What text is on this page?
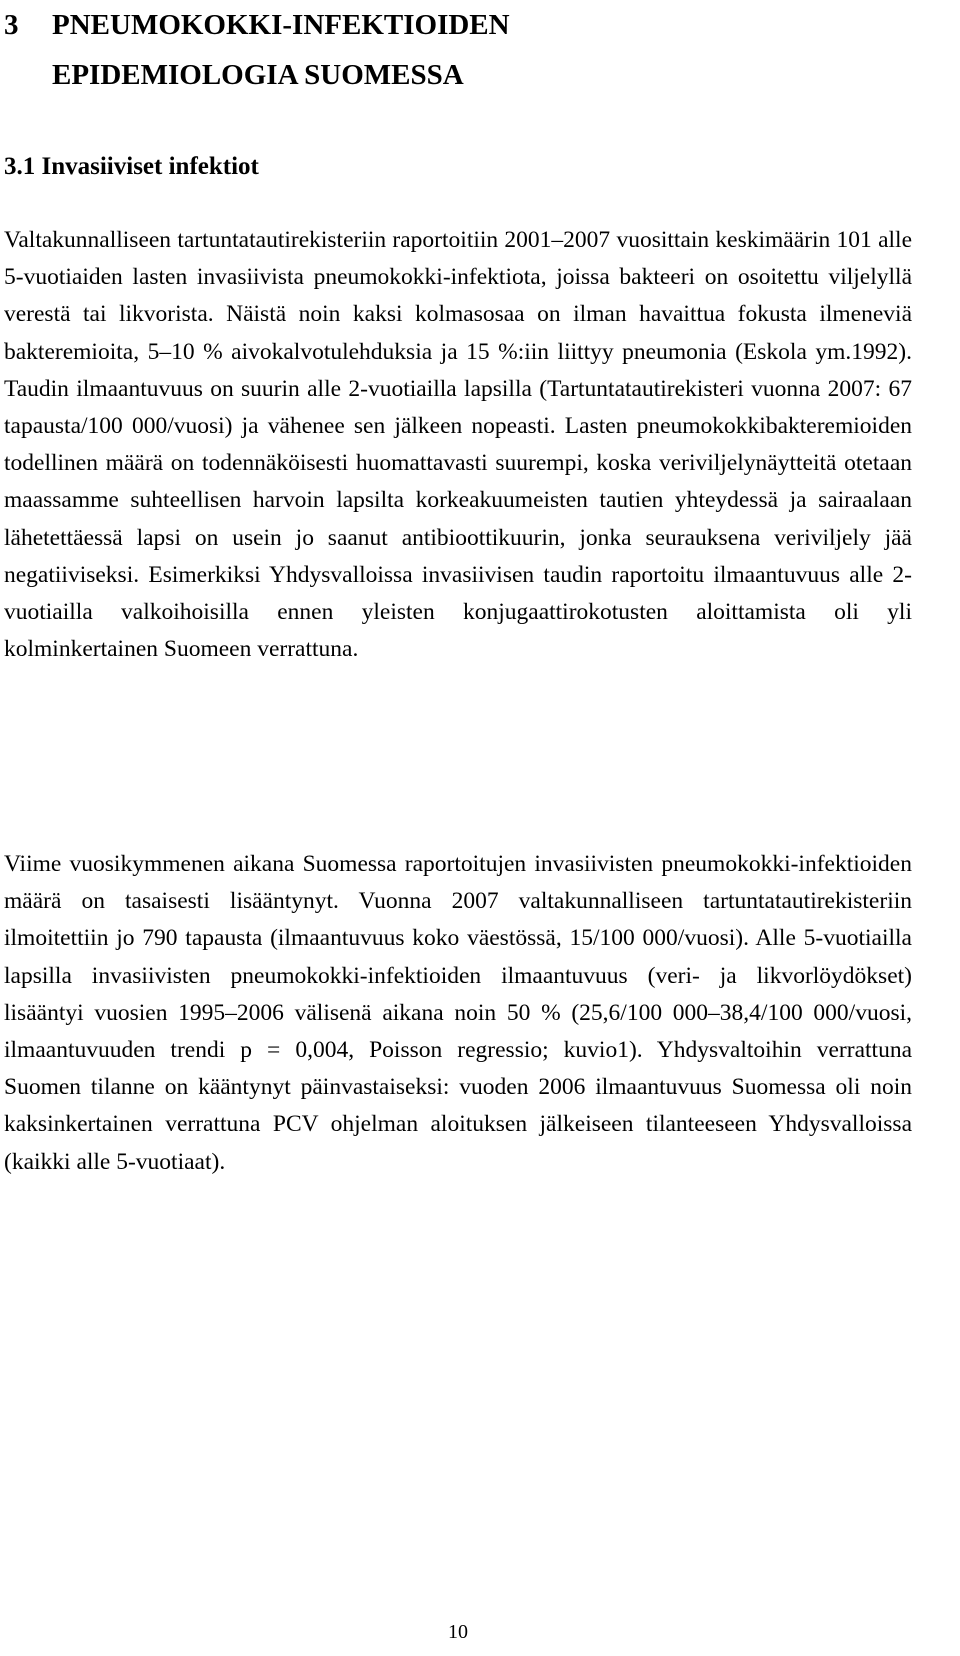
3 PNEUMOKOKKI-INFEKTIOIDEN
EPIDEMIOLOGIA SUOMESSA
3.1 Invasiiviset infektiot

Valtakunnalliseen tartuntatautirekisteriin raportoitiin 2001–2007 vuosittain keskimäärin 101 alle 5-vuotiaiden lasten invasiivista pneumokokki-infektiota, joissa bakteeri on osoitettu viljelyllä verestä tai likvorista. Näistä noin kaksi kolmasosaa on ilman havaittua fokusta ilmeneviä bakteremioita, 5–10 % aivokalvotulehduksia ja 15 %:iin liittyy pneumonia (Eskola ym.1992). Taudin ilmaantuvuus on suurin alle 2-vuotiailla lapsilla (Tartuntatautirekisteri vuonna 2007: 67 tapausta/100 000/vuosi) ja vähenee sen jälkeen nopeasti. Lasten pneumokokkibakteremioiden todellinen määrä on todennäköisesti huomattavasti suurempi, koska veriviljelynäytteitä otetaan maassamme suhteellisen harvoin lapsilta korkeakuumeisten tautien yhteydessä ja sairaalaan lähetettäessä lapsi on usein jo saanut antibioottikuurin, jonka seurauksena veriviljely jää negatiiviseksi. Esimerkiksi Yhdysvalloissa invasiivisen taudin raportoitu ilmaantuvuus alle 2-vuotiailla valkoihoisilla ennen yleisten konjugaattirokotusten aloittamista oli yli kolminkertainen Suomeen verrattuna.

Viime vuosikymmenen aikana Suomessa raportoitujen invasiivisten pneumokokki-infektioiden määrä on tasaisesti lisääntynyt. Vuonna 2007 valtakunnalliseen tartuntatautirekisteriin ilmoitettiin jo 790 tapausta (ilmaantuvuus koko väestössä, 15/100 000/vuosi). Alle 5-vuotiailla lapsilla invasiivisten pneumokokki-infektioiden ilmaantuvuus (veri- ja likvorlöydökset) lisääntyi vuosien 1995–2006 välisenä aikana noin 50 % (25,6/100 000–38,4/100 000/vuosi, ilmaantuvuuden trendi p = 0,004, Poisson regressio; kuvio1). Yhdysvaltoihin verrattuna Suomen tilanne on kääntynyt päinvastaiseksi: vuoden 2006 ilmaantuvuus Suomessa oli noin kaksinkertainen verrattuna PCV ohjelman aloituksen jälkeiseen tilanteeseen Yhdysvalloissa (kaikki alle 5-vuotiaat).

10
